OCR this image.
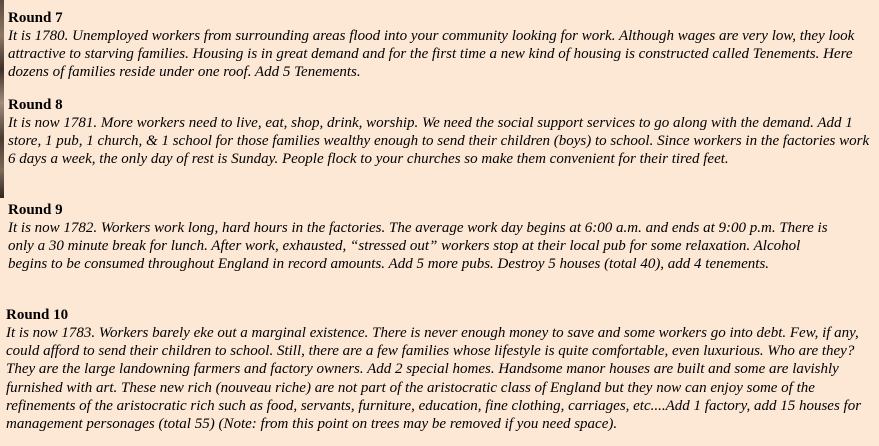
Round 7

It is 1780. Unemployed workers from surrounding areas flood into your community looking for work. Although wages are very low, they look attractive to starving families. Housing is in great demand and for the first time a new kind of housing is constructed called Tenements. Here dozens of families reside under one roof. Add 5 Tenements.

Round 8

It is now 1781. More workers need to live, eat, shop, drink, worship. We need the social support services to go along with the demand. Add 1 store, 1 pub, 1 church, & 1 school for those families wealthy enough to send their children (boys) to school. Since workers in the factories work 6 days a week, the only day of rest is Sunday. People flock to your churches so make them convenient for their tired feet.

Round 9

It is now 1782. Workers work long, hard hours in the factories. The average work day begins at 6:00 a.m. and ends at 9:00 p.m. There is only a 30 minute break for lunch. After work, exhausted, “stressed out” workers stop at their local pub for some relaxation. Alcohol begins to be consumed throughout England in record amounts. Add 5 more pubs. Destroy 5 houses (total 40), add 4 tenements.

Round 10

It is now 1783. Workers barely eke out a marginal existence. There is never enough money to save and some workers go into debt. Few, if any, could afford to send their children to school. Still, there are a few families whose lifestyle is quite comfortable, even luxurious. Who are they? They are the large landowning farmers and factory owners. Add 2 special homes. Handsome manor houses are built and some are lavishly furnished with art. These new rich (nouveau riche) are not part of the aristocratic class of England but they now can enjoy some of the refinements of the aristocratic rich such as food, servants, furniture, education, fine clothing, carriages, etc....Add 1 factory, add 15 houses for management personages (total 55) (Note: from this point on trees may be removed if you need space).
